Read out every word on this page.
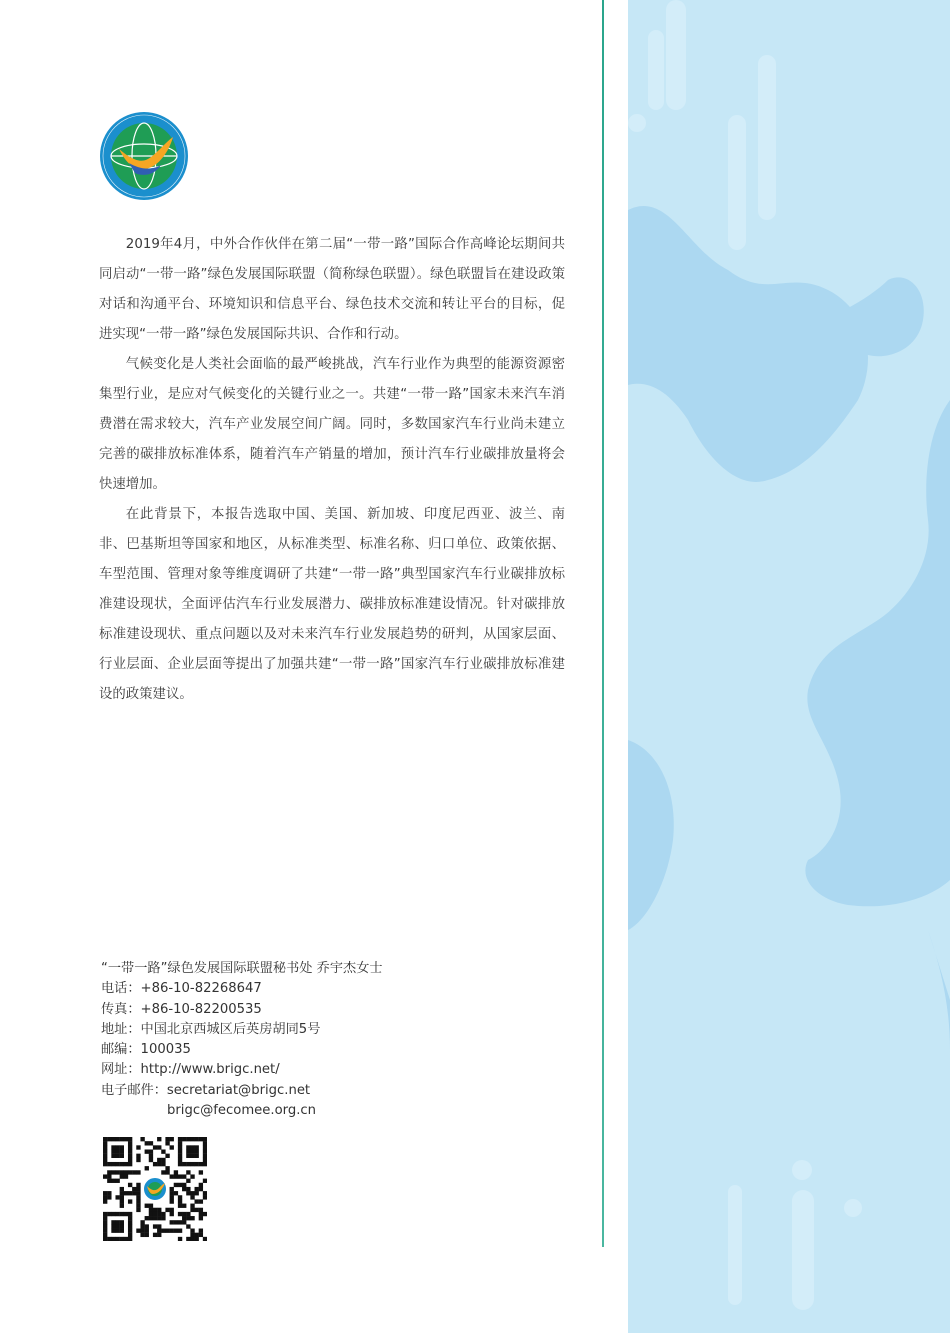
2019年4月，中外合作伙伴在第二届“一带一路”国际合作高峰论坛期间共同启动“一带一路”绿色发展国际联盟（简称绿色联盟）。绿色联盟旨在建设政策对话和沟通平台、环境知识和信息平台、绿色技术交流和转让平台的目标，促进实现“一带一路”绿色发展国际共识、合作和行动。

气候变化是人类社会面临的最严峻挑战，汽车行业作为典型的能源资源密集型行业，是应对气候变化的关键行业之一。共建“一带一路”国家未来汽车消费潜在需求较大，汽车产业发展空间广阔。同时，多数国家汽车行业尚未建立完善的碳排放标准体系，随着汽车产销量的增加，预计汽车行业碳排放量将会快速增加。

在此背景下，本报告选取中国、美国、新加坡、印度尼西亚、波兰、南非、巴基斯坦等国家和地区，从标准类型、标准名称、归口单位、政策依据、车型范围、管理对象等维度调研了共建“一带一路”典型国家汽车行业碳排放标准建设现状，全面评估汽车行业发展潜力、碳排放标准建设情况。针对碳排放标准建设现状、重点问题以及对未来汽车行业发展趋势的研判，从国家层面、行业层面、企业层面等提出了加强共建“一带一路”国家汽车行业碳排放标准建设的政策建议。

“一带一路”绿色发展国际联盟秘书处 乔宇杰女士
电话：+86-10-82268647
传真：+86-10-82200535
地址：中国北京西城区后英房胡同5号
邮编：100035
网址：http://www.brigc.net/
电子邮件：secretariat@brigc.net
brigc@fecomee.org.cn
